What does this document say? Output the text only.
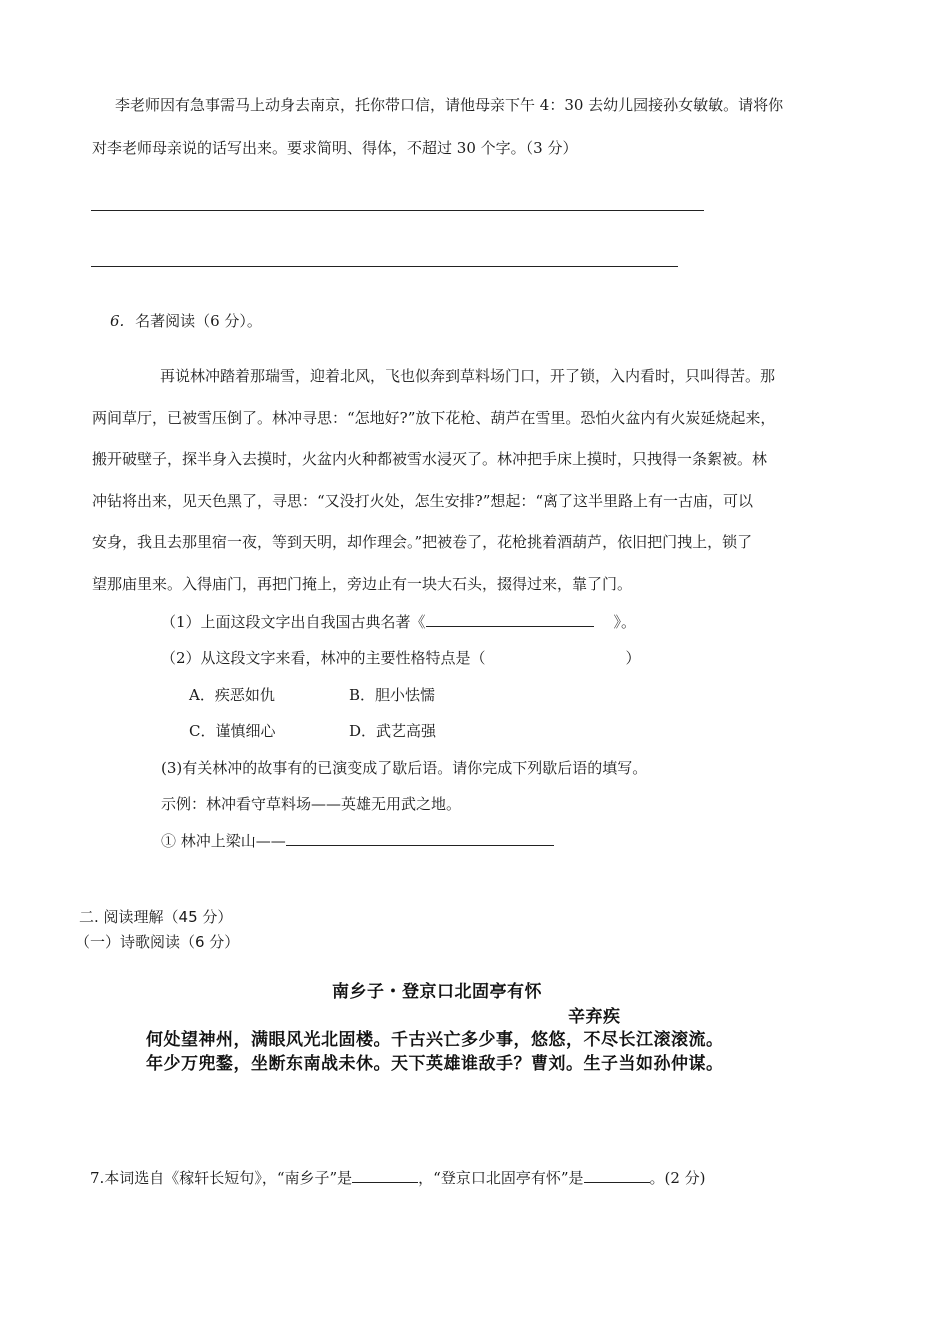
李老师因有急事需马上动身去南京，托你带口信，请他母亲下午 4：30 去幼儿园接孙女敏敏。请将你
对李老师母亲说的话写出来。要求简明、得体，不超过 30 个字。（3 分）
6. 名著阅读（6 分）。
再说林冲踏着那瑞雪，迎着北风，飞也似奔到草料场门口，开了锁，入内看时，只叫得苦。那
两间草厅，已被雪压倒了。林冲寻思：“怎地好?”放下花枪、葫芦在雪里。恐怕火盆内有火炭延烧起来，
搬开破壁子，探半身入去摸时，火盆内火种都被雪水浸灭了。林冲把手床上摸时，只拽得一条絮被。林
冲钻将出来，见天色黑了，寻思：“又没打火处，怎生安排?”想起：“离了这半里路上有一古庙，可以
安身，我且去那里宿一夜，等到天明，却作理会。”把被卷了，花枪挑着酒葫芦，依旧把门拽上，锁了
望那庙里来。入得庙门，再把门掩上，旁边止有一块大石头，掇得过来，靠了门。
（1）上面这段文字出自我国古典名著《	》。
（2）从这段文字来看，林冲的主要性格特点是（	）
A．疾恶如仇	B．胆小怯懦
C．谨慎细心	D．武艺高强
(3)有关林冲的故事有的已演变成了歇后语。请你完成下列歇后语的填写。
示例：林冲看守草料场——英雄无用武之地。
① 林冲上梁山——
二. 阅读理解（45 分）
（一）诗歌阅读（6 分）
南乡子・登京口北固亭有怀
辛弃疾
何处望神州，满眼风光北固楼。千古兴亡多少事，悠悠，不尽长江滚滚流。
年少万兜鍪，坐断东南战未休。天下英雄谁敌手？曹刘。生子当如孙仲谋。
7.本词选自《稼轩长短句》，“南乡子”是	，“登京口北固亭有怀”是	。(2 分)
